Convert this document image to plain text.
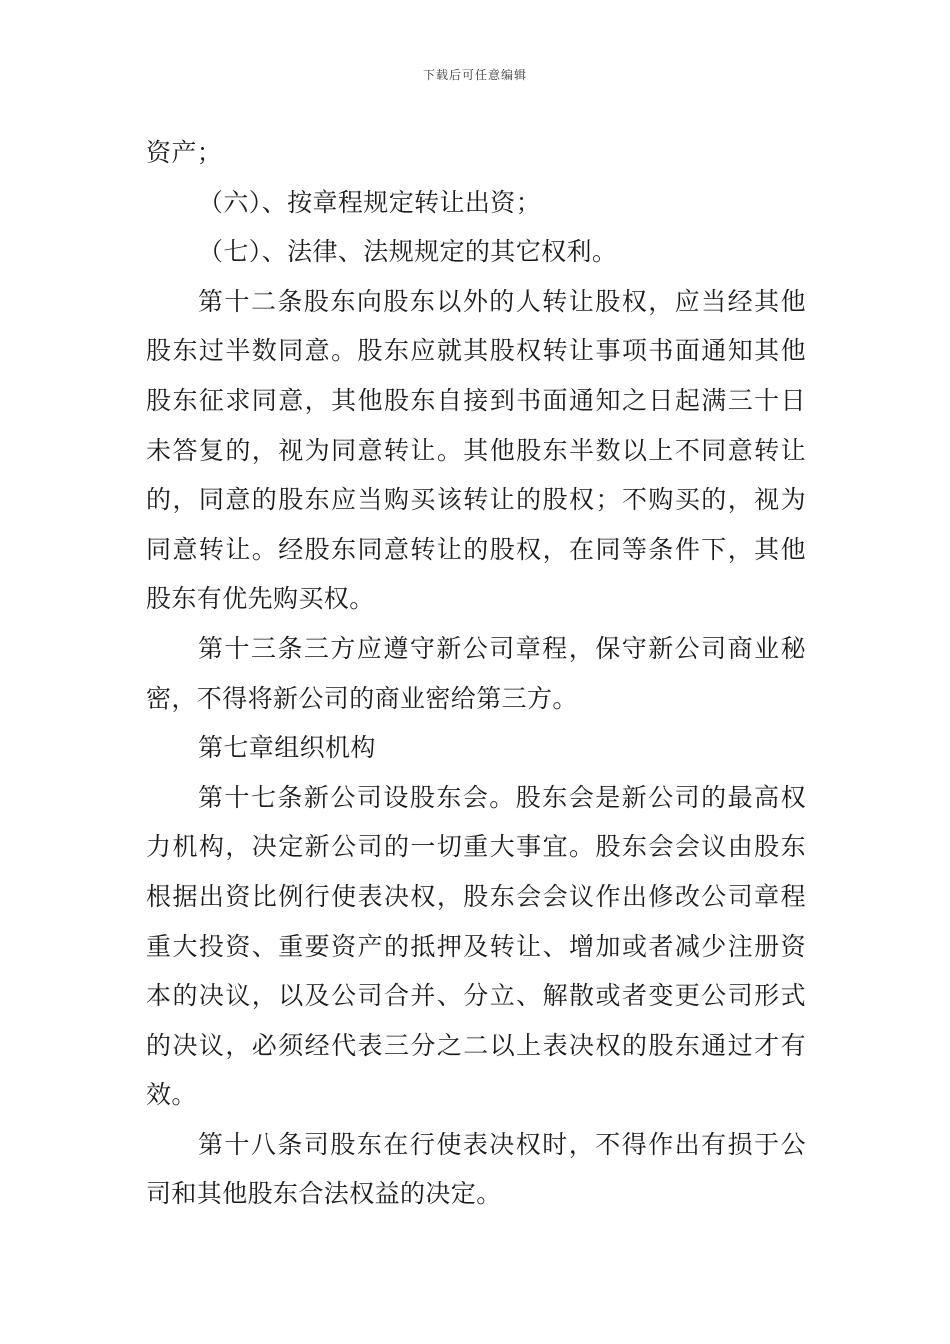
下载后可任意编辑

资产；

（六）、按章程规定转让出资；

（七）、法律、法规规定的其它权利。

第十二条股东向股东以外的人转让股权，应当经其他股东过半数同意。股东应就其股权转让事项书面通知其他股东征求同意，其他股东自接到书面通知之日起满三十日未答复的，视为同意转让。其他股东半数以上不同意转让的，同意的股东应当购买该转让的股权；不购买的，视为同意转让。经股东同意转让的股权，在同等条件下，其他股东有优先购买权。

第十三条三方应遵守新公司章程，保守新公司商业秘密，不得将新公司的商业密给第三方。

第七章组织机构

第十七条新公司设股东会。股东会是新公司的最高权力机构，决定新公司的一切重大事宜。股东会会议由股东根据出资比例行使表决权，股东会会议作出修改公司章程重大投资、重要资产的抵押及转让、增加或者减少注册资本的决议，以及公司合并、分立、解散或者变更公司形式的决议，必须经代表三分之二以上表决权的股东通过才有效。

第十八条司股东在行使表决权时，不得作出有损于公司和其他股东合法权益的决定。
